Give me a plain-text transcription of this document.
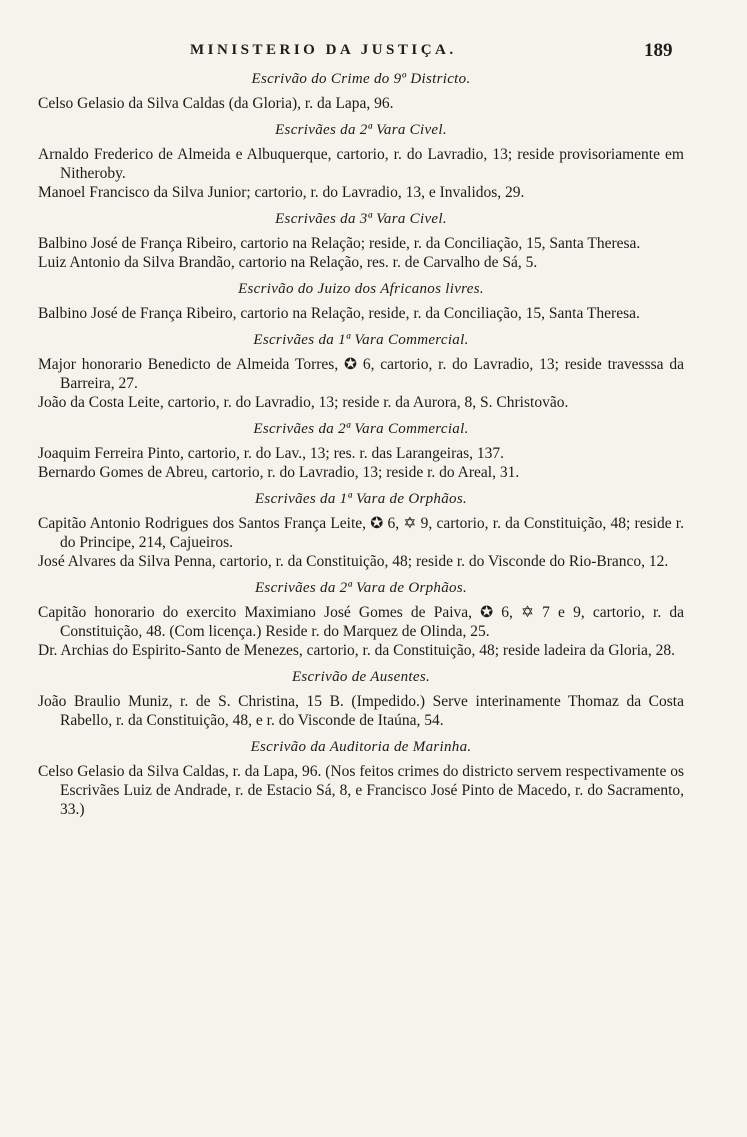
MINISTERIO DA JUSTIÇA.	189
Escrivão do Crime do 9º Districto.

Celso Gelasio da Silva Caldas (da Gloria), r. da Lapa, 96.

Escrivães da 2ª Vara Civel.

Arnaldo Frederico de Almeida e Albuquerque, cartorio, r. do Lavradio, 13; reside provisoriamente em Nitheroby.

Manoel Francisco da Silva Junior; cartorio, r. do Lavradio, 13, e Invalidos, 29.

Escrivães da 3ª Vara Civel.

Balbino José de França Ribeiro, cartorio na Relação; reside, r. da Conciliação, 15, Santa Theresa.

Luiz Antonio da Silva Brandão, cartorio na Relação, res. r. de Carvalho de Sá, 5.

Escrivão do Juizo dos Africanos livres.

Balbino José de França Ribeiro, cartorio na Relação, reside, r. da Conciliação, 15, Santa Theresa.

Escrivães da 1ª Vara Commercial.

Major honorario Benedicto de Almeida Torres, ✪ 6, cartorio, r. do Lavradio, 13; reside travesssa da Barreira, 27.

João da Costa Leite, cartorio, r. do Lavradio, 13; reside r. da Aurora, 8, S. Christovão.

Escrivães da 2ª Vara Commercial.

Joaquim Ferreira Pinto, cartorio, r. do Lav., 13; res. r. das Larangeiras, 137.

Bernardo Gomes de Abreu, cartorio, r. do Lavradio, 13; reside r. do Areal, 31.

Escrivães da 1ª Vara de Orphãos.

Capitão Antonio Rodrigues dos Santos França Leite, ✪ 6, ✡ 9, cartorio, r. da Constituição, 48; reside r. do Principe, 214, Cajueiros.

José Alvares da Silva Penna, cartorio, r. da Constituição, 48; reside r. do Visconde do Rio-Branco, 12.

Escrivães da 2ª Vara de Orphãos.

Capitão honorario do exercito Maximiano José Gomes de Paiva, ✪ 6, ✡ 7 e 9, cartorio, r. da Constituição, 48. (Com licença.) Reside r. do Marquez de Olinda, 25.

Dr. Archias do Espirito-Santo de Menezes, cartorio, r. da Constituição, 48; reside ladeira da Gloria, 28.

Escrivão de Ausentes.

João Braulio Muniz, r. de S. Christina, 15 B. (Impedido.) Serve interinamente Thomaz da Costa Rabello, r. da Constituição, 48, e r. do Visconde de Itaúna, 54.

Escrivão da Auditoria de Marinha.

Celso Gelasio da Silva Caldas, r. da Lapa, 96. (Nos feitos crimes do districto servem respectivamente os Escrivães Luiz de Andrade, r. de Estacio Sá, 8, e Francisco José Pinto de Macedo, r. do Sacramento, 33.)
